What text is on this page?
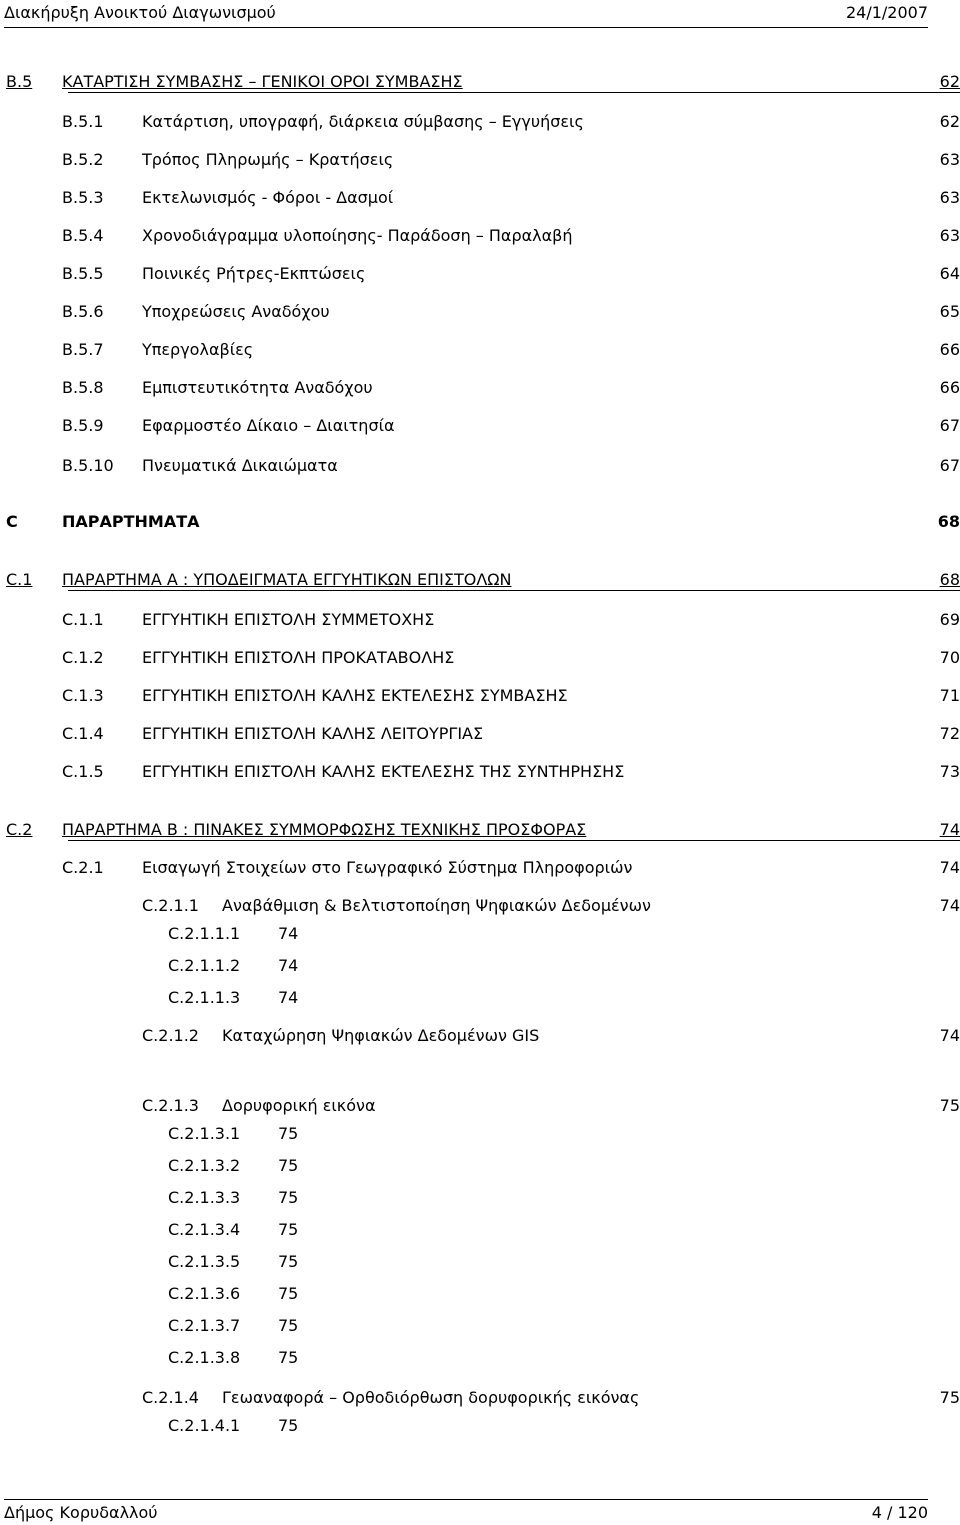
Διακήρυξη Ανοικτού Διαγωνισμού	24/1/2007
B.5 ΚΑΤΑΡΤΙΣΗ ΣΥΜΒΑΣΗΣ – ΓΕΝΙΚΟΙ ΟΡΟΙ ΣΥΜΒΑΣΗΣ	62
B.5.1 Κατάρτιση, υπογραφή, διάρκεια σύμβασης – Εγγυήσεις	62
B.5.2 Τρόπος Πληρωμής – Κρατήσεις	63
B.5.3 Εκτελωνισμός - Φόροι - Δασμοί	63
B.5.4 Χρονοδιάγραμμα υλοποίησης- Παράδοση – Παραλαβή	63
B.5.5 Ποινικές Ρήτρες-Εκπτώσεις	64
B.5.6 Υποχρεώσεις Αναδόχου	65
B.5.7 Υπεργολαβίες	66
B.5.8 Εμπιστευτικότητα Αναδόχου	66
B.5.9 Εφαρμοστέο Δίκαιο – Διαιτησία	67
B.5.10 Πνευματικά Δικαιώματα	67
C	ΠΑΡΑΡΤΗΜΑΤΑ	68
C.1 ΠΑΡΑΡΤΗΜΑ Α : ΥΠΟΔΕΙΓΜΑΤΑ ΕΓΓΥΗΤΙΚΩΝ ΕΠΙΣΤΟΛΩΝ	68
C.1.1 ΕΓΓΥΗΤΙΚΗ ΕΠΙΣΤΟΛΗ ΣΥΜΜΕΤΟΧΗΣ	69
C.1.2 ΕΓΓΥΗΤΙΚΗ ΕΠΙΣΤΟΛΗ ΠΡΟΚΑΤΑΒΟΛΗΣ	70
C.1.3 ΕΓΓΥΗΤΙΚΗ ΕΠΙΣΤΟΛΗ ΚΑΛΗΣ ΕΚΤΕΛΕΣΗΣ ΣΥΜΒΑΣΗΣ	71
C.1.4 ΕΓΓΥΗΤΙΚΗ ΕΠΙΣΤΟΛΗ ΚΑΛΗΣ ΛΕΙΤΟΥΡΓΙΑΣ	72
C.1.5 ΕΓΓΥΗΤΙΚΗ ΕΠΙΣΤΟΛΗ ΚΑΛΗΣ ΕΚΤΕΛΕΣΗΣ ΤΗΣ ΣΥΝΤΗΡΗΣΗΣ	73
C.2 ΠΑΡΑΡΤΗΜΑ Β : ΠΙΝΑΚΕΣ ΣΥΜΜΟΡΦΩΣΗΣ ΤΕΧΝΙΚΗΣ ΠΡΟΣΦΟΡΑΣ	74
C.2.1 Εισαγωγή Στοιχείων στο Γεωγραφικό Σύστημα Πληροφοριών	74
C.2.1.1 Αναβάθμιση & Βελτιστοποίηση Ψηφιακών Δεδομένων	74
C.2.1.1.1 74
C.2.1.1.2 74
C.2.1.1.3 74
C.2.1.2 Καταχώρηση Ψηφιακών Δεδομένων GIS	74
C.2.1.3 Δορυφορική εικόνα	75
C.2.1.3.1 75
C.2.1.3.2 75
C.2.1.3.3 75
C.2.1.3.4 75
C.2.1.3.5 75
C.2.1.3.6 75
C.2.1.3.7 75
C.2.1.3.8 75
C.2.1.4 Γεωαναφορά – Ορθοδιόρθωση δορυφορικής εικόνας	75
C.2.1.4.1 75
Δήμος Κορυδαλλού	4 / 120
